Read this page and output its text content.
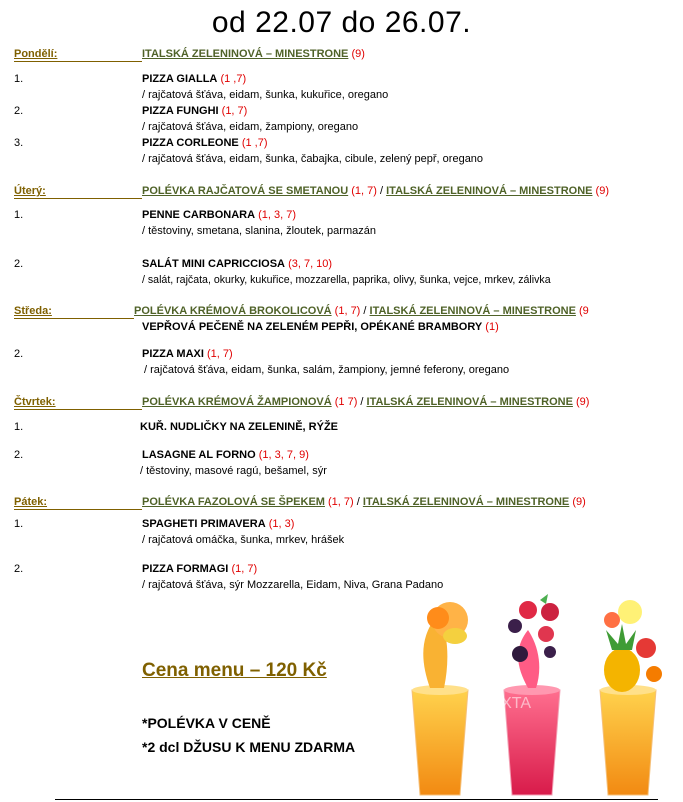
od 22.07 do 26.07.
Pondělí:	ITALSKÁ ZELENINOVÁ – MINESTRONE (9)
1.	PIZZA GIALLA (1 ,7)
/ rajčatová šťáva, eidam, šunka, kukuřice, oregano
2.	PIZZA FUNGHI (1, 7)
/ rajčatová šťáva, eidam, žampiony, oregano
3.	PIZZA CORLEONE (1 ,7)
/ rajčatová šťáva, eidam, šunka, čabajka, cibule, zelený pepř, oregano
Úterý:	POLÉVKA RAJČATOVÁ SE SMETANOU (1, 7) / ITALSKÁ ZELENINOVÁ – MINESTRONE (9)
1.	PENNE CARBONARA (1, 3, 7)
/ těstoviny, smetana, slanina, žloutek, parmazán
2.	SALÁT MINI CAPRICCIOSA (3, 7, 10)
/ salát, rajčata, okurky, kukuřice, mozzarella, paprika, olivy, šunka, vejce, mrkev, zálivka
Středa:	POLÉVKA KRÉMOVÁ BROKOLICOVÁ (1, 7) / ITALSKÁ ZELENINOVÁ – MINESTRONE (9
VEPŘOVÁ PEČENĚ NA ZELENÉM PEPŘI, OPÉKANÉ BRAMBORY (1)
2.	PIZZA MAXI (1, 7)
/ rajčatová šťáva, eidam, šunka, salám, žampiony, jemné feferony, oregano
Čtvrtek:	POLÉVKA KRÉMOVÁ ŽAMPIONOVÁ (1 7) / ITALSKÁ ZELENINOVÁ – MINESTRONE (9)
1.	KUŘ. NUDLIČKY NA ZELENINĚ, RÝŽE
2.	LASAGNE AL FORNO (1, 3, 7, 9)
/ těstoviny, masové ragú, bešamel, sýr
Pátek:	POLÉVKA FAZOLOVÁ SE ŠPEKEM (1, 7) / ITALSKÁ ZELENINOVÁ – MINESTRONE (9)
1.	SPAGHETI PRIMAVERA (1, 3)
/ rajčatová omáčka, šunka, mrkev, hrášek
2.	PIZZA FORMAGI (1, 7)
/ rajčatová šťáva, sýr Mozzarella, Eidam, Niva, Grana Padano
Cena menu – 120 Kč
*POLÉVKA V CENĚ
*2 dcl DŽUSU K MENU ZDARMA
PIXTA
